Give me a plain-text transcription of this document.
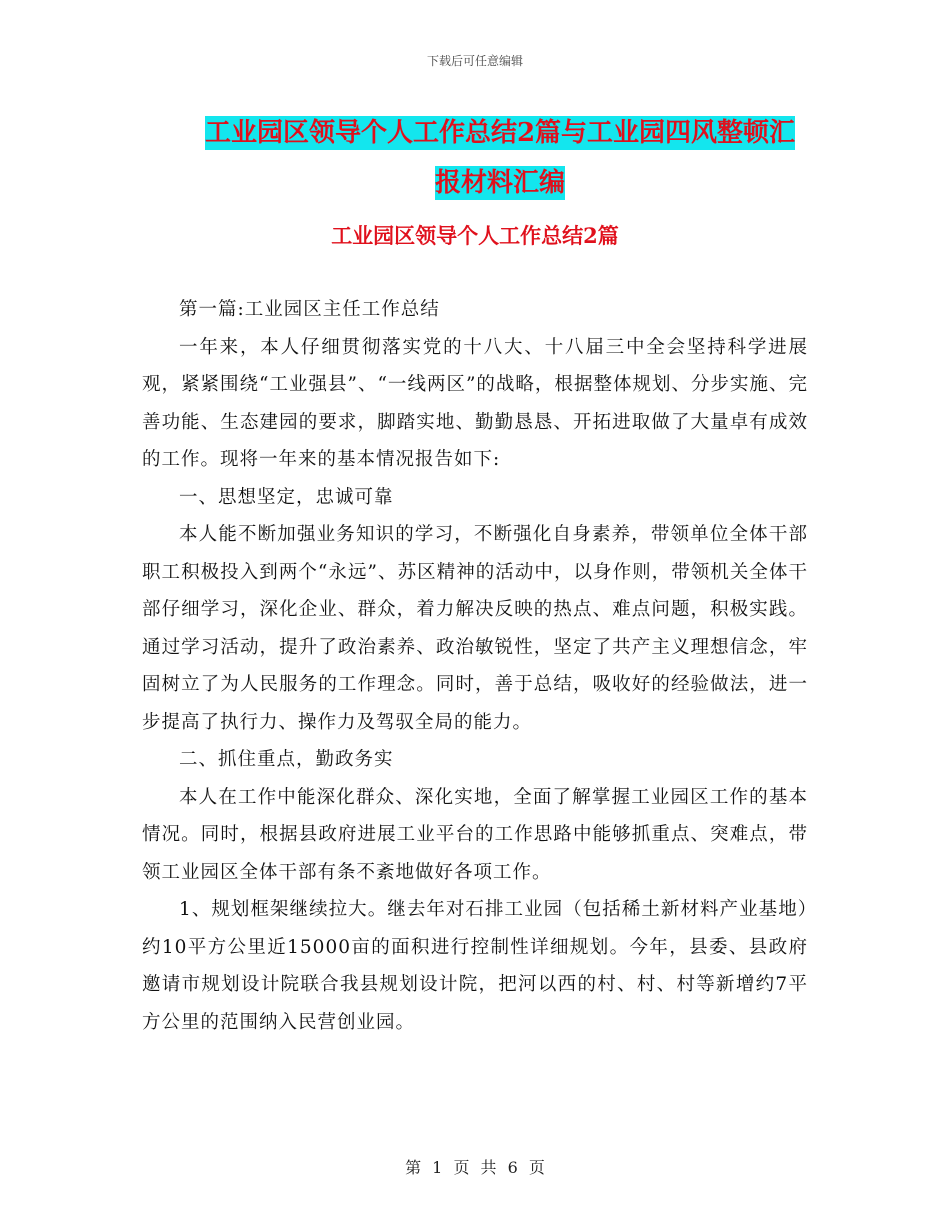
下载后可任意编辑
工业园区领导个人工作总结2篇与工业园四风整顿汇
报材料汇编
工业园区领导个人工作总结2篇

第一篇:工业园区主任工作总结

一年来，本人仔细贯彻落实党的十八大、十八届三中全会坚持科学进展观，紧紧围绕“工业强县”、“一线两区”的战略，根据整体规划、分步实施、完善功能、生态建园的要求，脚踏实地、勤勤恳恳、开拓进取做了大量卓有成效的工作。现将一年来的基本情况报告如下:

一、思想坚定，忠诚可靠

本人能不断加强业务知识的学习，不断强化自身素养，带领单位全体干部职工积极投入到两个“永远”、苏区精神的活动中，以身作则，带领机关全体干部仔细学习，深化企业、群众，着力解决反映的热点、难点问题，积极实践。通过学习活动，提升了政治素养、政治敏锐性，坚定了共产主义理想信念，牢固树立了为人民服务的工作理念。同时，善于总结，吸收好的经验做法，进一步提高了执行力、操作力及驾驭全局的能力。

二、抓住重点，勤政务实

本人在工作中能深化群众、深化实地，全面了解掌握工业园区工作的基本情况。同时，根据县政府进展工业平台的工作思路中能够抓重点、突难点，带领工业园区全体干部有条不紊地做好各项工作。

1、规划框架继续拉大。继去年对石排工业园（包括稀土新材料产业基地）约10平方公里近15000亩的面积进行控制性详细规划。今年，县委、县政府邀请市规划设计院联合我县规划设计院，把河以西的村、村、村等新增约7平方公里的范围纳入民营创业园。

第 1 页 共 6 页
